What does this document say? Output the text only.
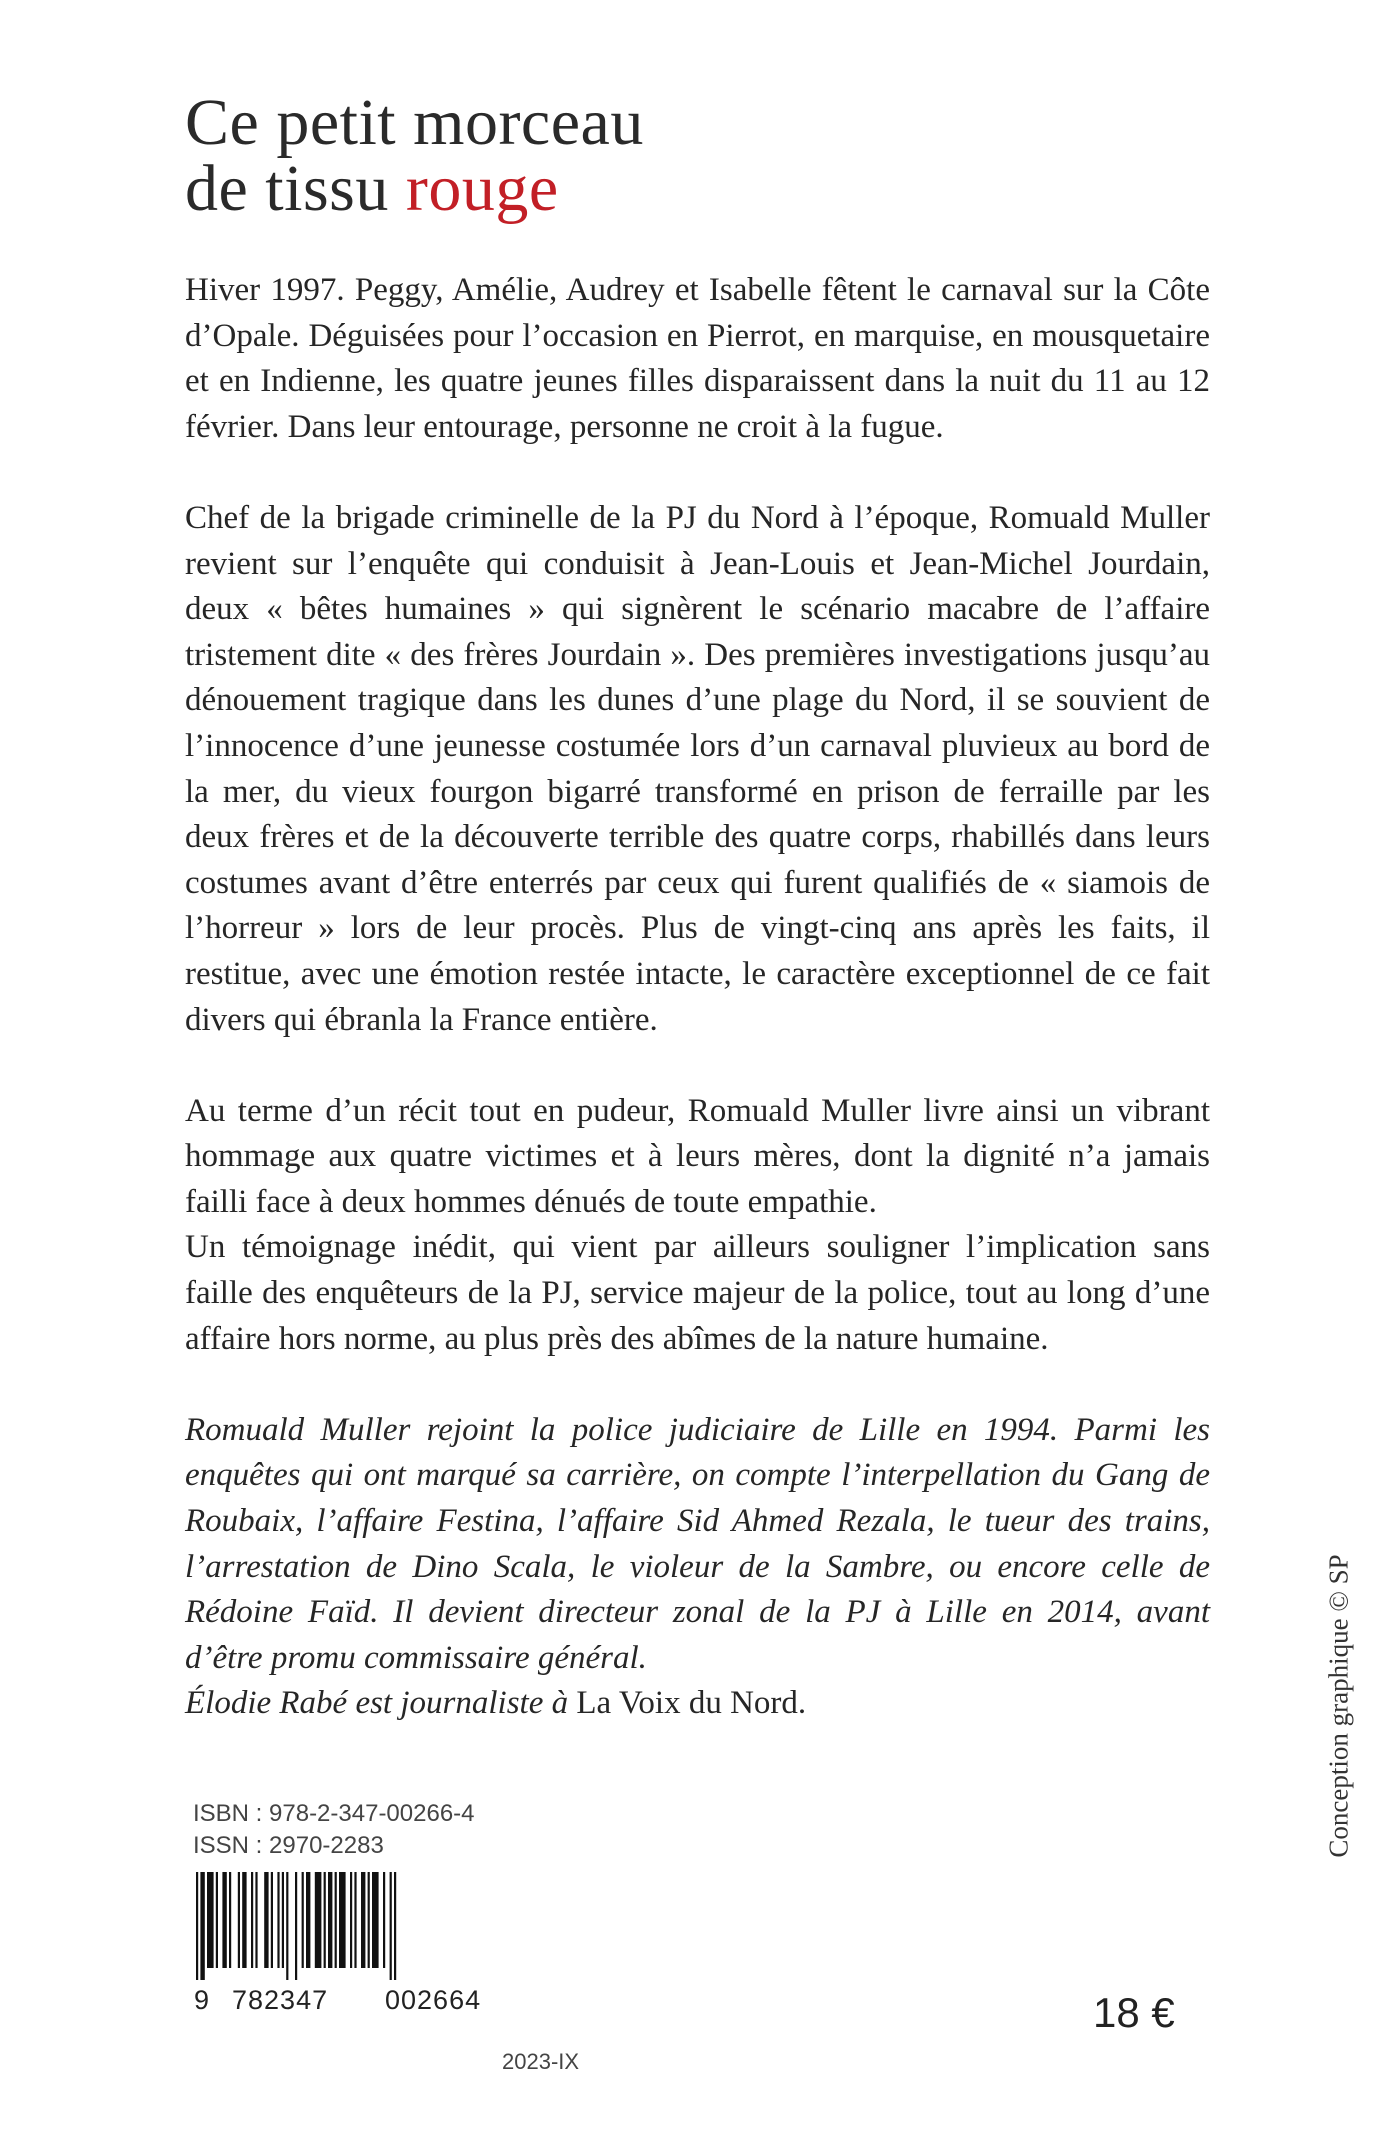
Ce petit morceau
de tissu rouge

Hiver 1997. Peggy, Amélie, Audrey et Isabelle fêtent le carnaval sur la Côte d’Opale. Déguisées pour l’occasion en Pierrot, en marquise, en mousquetaire et en Indienne, les quatre jeunes filles disparaissent dans la nuit du 11 au 12 février. Dans leur entourage, personne ne croit à la fugue.

Chef de la brigade criminelle de la PJ du Nord à l’époque, Romuald Muller revient sur l’enquête qui conduisit à Jean-Louis et Jean-Michel Jourdain, deux « bêtes humaines » qui signèrent le scénario macabre de l’affaire tristement dite « des frères Jourdain ». Des premières investigations jusqu’au dénouement tragique dans les dunes d’une plage du Nord, il se souvient de l’innocence d’une jeunesse costumée lors d’un carnaval pluvieux au bord de la mer, du vieux fourgon bigarré transformé en prison de ferraille par les deux frères et de la découverte terrible des quatre corps, rhabillés dans leurs costumes avant d’être enterrés par ceux qui furent qualifiés de « siamois de l’horreur » lors de leur procès. Plus de vingt-cinq ans après les faits, il restitue, avec une émotion restée intacte, le caractère exceptionnel de ce fait divers qui ébranla la France entière.

Au terme d’un récit tout en pudeur, Romuald Muller livre ainsi un vibrant hommage aux quatre victimes et à leurs mères, dont la dignité n’a jamais failli face à deux hommes dénués de toute empathie.

Un témoignage inédit, qui vient par ailleurs souligner l’implication sans faille des enquêteurs de la PJ, service majeur de la police, tout au long d’une affaire hors norme, au plus près des abîmes de la nature humaine.

Romuald Muller rejoint la police judiciaire de Lille en 1994. Parmi les enquêtes qui ont marqué sa carrière, on compte l’interpellation du Gang de Roubaix, l’affaire Festina, l’affaire Sid Ahmed Rezala, le tueur des trains, l’arrestation de Dino Scala, le violeur de la Sambre, ou encore celle de Rédoine Faïd. Il devient directeur zonal de la PJ à Lille en 2014, avant d’être promu commissaire général.

Élodie Rabé est journaliste à La Voix du Nord.	Conception graphique © SP
ISBN : 978-2-347-00266-4
ISSN : 2970-2283
9 782347 002664	18 €
2023-IX
